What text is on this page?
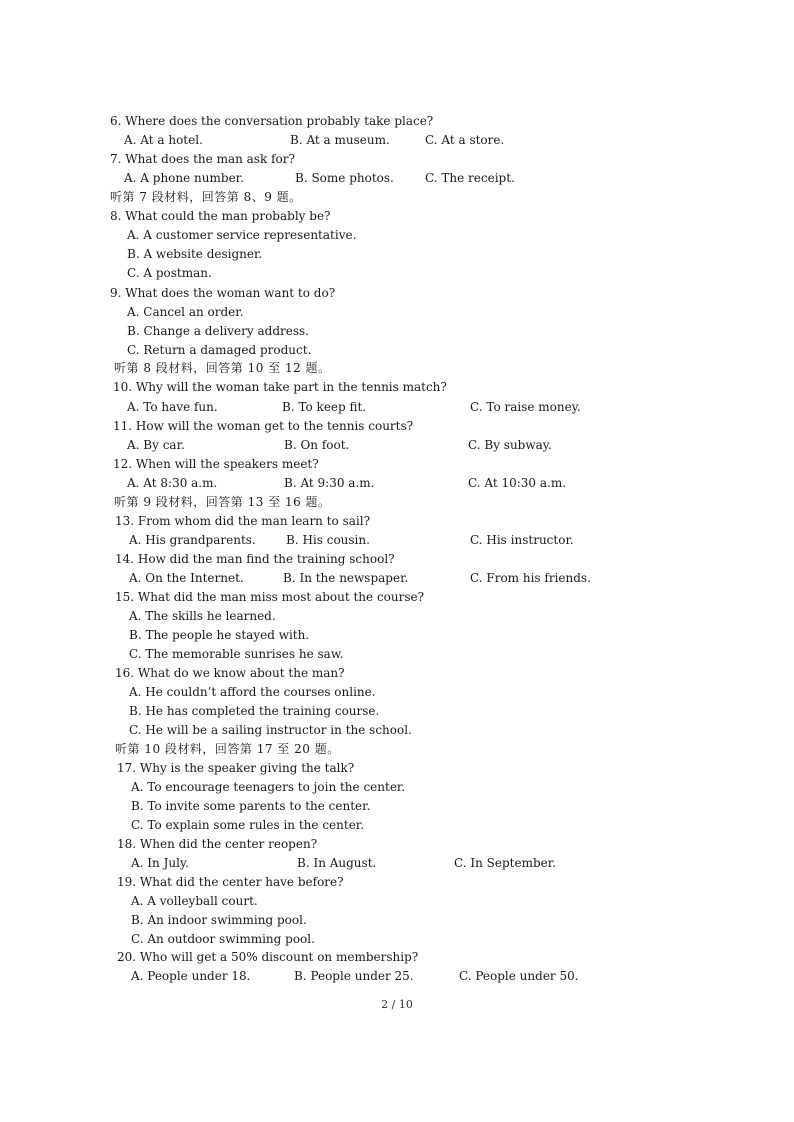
6. Where does the conversation probably take place?
A. At a hotel.	B. At a museum.	C. At a store.
7. What does the man ask for?
A. A phone number.	B. Some photos.	C. The receipt.
听第 7 段材料，回答第 8、9 题。
8. What could the man probably be?
A. A customer service representative.
B. A website designer.
C. A postman.
9. What does the woman want to do?
A. Cancel an order.
B. Change a delivery address.
C. Return a damaged product.
听第 8 段材料，回答第 10 至 12 题。
10. Why will the woman take part in the tennis match?
A. To have fun.	B. To keep fit.	C. To raise money.
11. How will the woman get to the tennis courts?
A. By car.	B. On foot.	C. By subway.
12. When will the speakers meet?
A. At 8:30 a.m.	B. At 9:30 a.m.	C. At 10:30 a.m.
听第 9 段材料，回答第 13 至 16 题。
13. From whom did the man learn to sail?
A. His grandparents.	B. His cousin.	C. His instructor.
14. How did the man find the training school?
A. On the Internet.	B. In the newspaper.	C. From his friends.
15. What did the man miss most about the course?
A. The skills he learned.
B. The people he stayed with.
C. The memorable sunrises he saw.
16. What do we know about the man?
A. He couldn’t afford the courses online.
B. He has completed the training course.
C. He will be a sailing instructor in the school.
听第 10 段材料，回答第 17 至 20 题。
17. Why is the speaker giving the talk?
A. To encourage teenagers to join the center.
B. To invite some parents to the center.
C. To explain some rules in the center.
18. When did the center reopen?
A. In July.	B. In August.	C. In September.
19. What did the center have before?
A. A volleyball court.
B. An indoor swimming pool.
C. An outdoor swimming pool.
20. Who will get a 50% discount on membership?
A. People under 18.	B. People under 25.	C. People under 50.
2 / 10
